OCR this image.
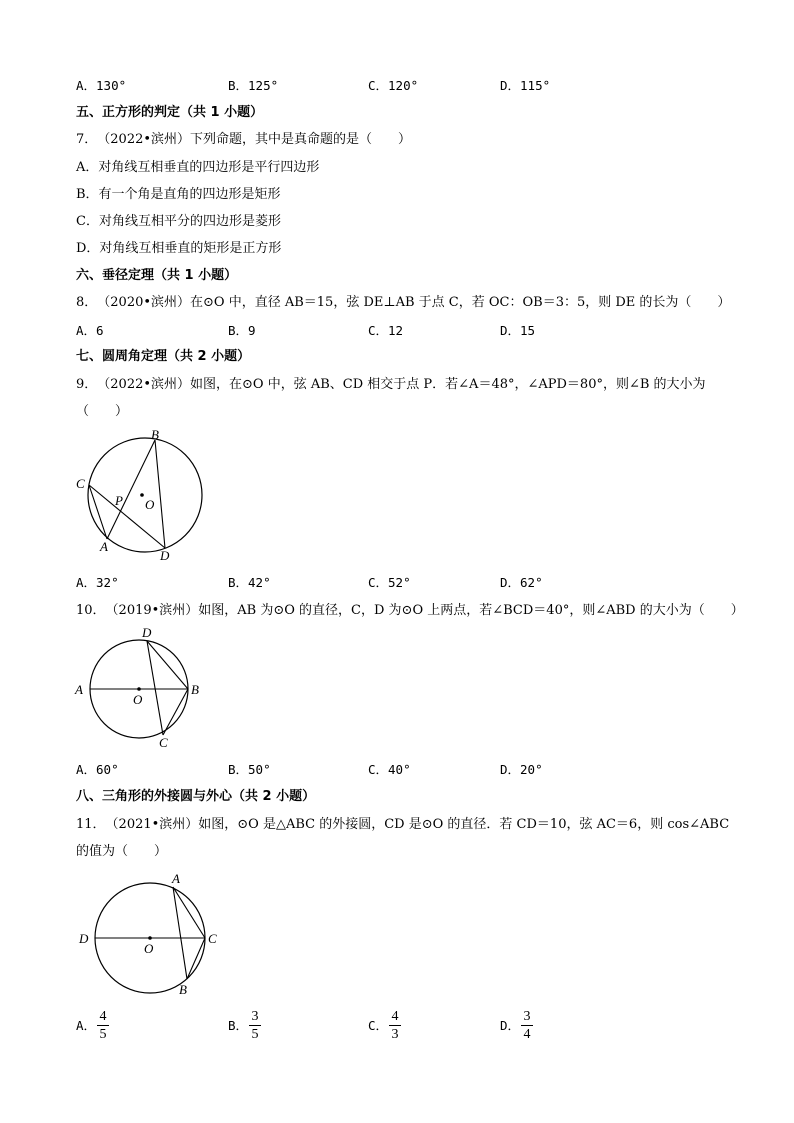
A．130°	B．125°	C．120°	D．115°
五、正方形的判定（共 1 小题）
7．　（2022•滨州）下列命题，其中是真命题的是（　　）
A．对角线互相垂直的四边形是平行四边形
B．有一个角是直角的四边形是矩形
C．对角线互相平分的四边形是菱形
D．对角线互相垂直的矩形是正方形
六、垂径定理（共 1 小题）
8．　（2020•滨州）在⊙O 中，直径 AB＝15，弦 DE⊥AB 于点 C，若 OC：OB＝3：5，则 DE 的长为（　　）
A．6	B．9	C．12	D．15
七、圆周角定理（共 2 小题）
9．　（2022•滨州）如图，在⊙O 中，弦 AB、CD 相交于点 P．若∠A＝48°，∠APD＝80°，则∠B 的大小为
（　　）
B
C
P O
A
D
A．32°	B．42°	C．52°	D．62°
10．　（2019•滨州）如图，AB 为⊙O 的直径，C，D 为⊙O 上两点，若∠BCD＝40°，则∠ABD 的大小为（　　）
D
A
O
B
C
A．60°	B．50°	C．40°	D．20°
八、三角形的外接圆与外心（共 2 小题）
11．　（2021•滨州）如图，⊙O 是△ABC 的外接圆，CD 是⊙O 的直径．若 CD＝10，弦 AC＝6，则 cos∠ABC
的值为（　　）
A
D
O
C
B
A．
4
5
B．
3
5
C．
4
3
D．
3
4
